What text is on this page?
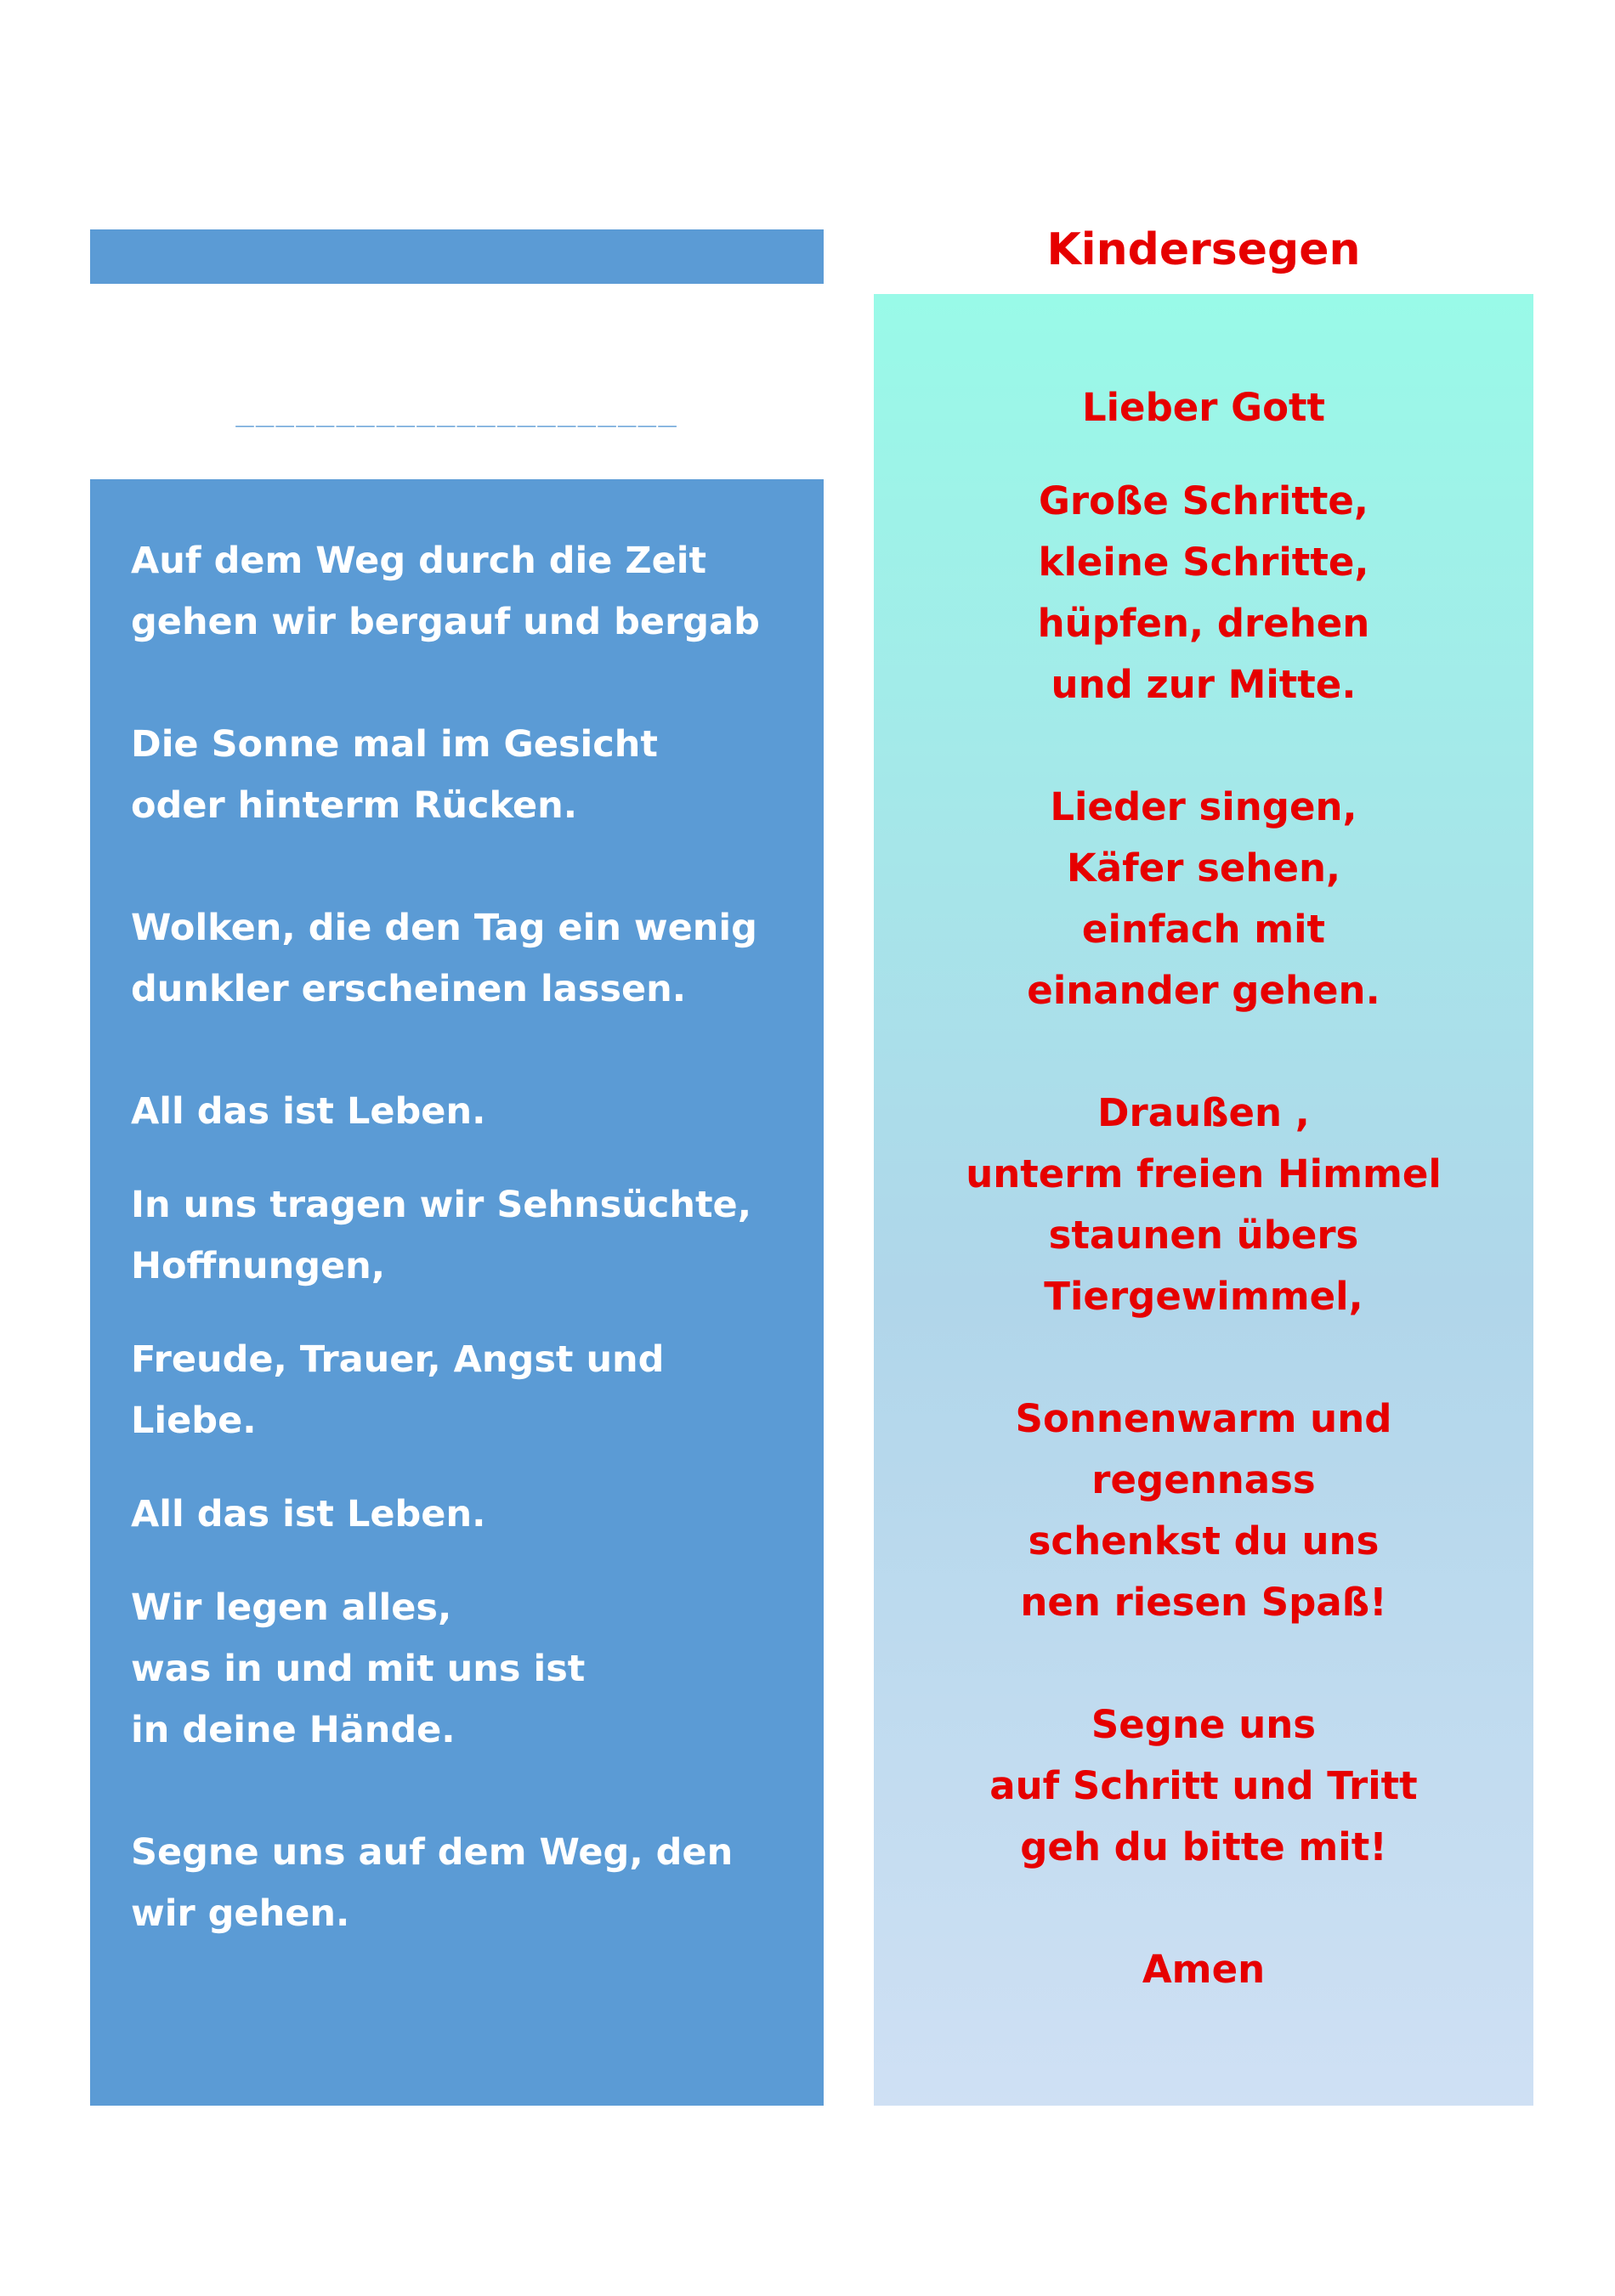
______________________
Auf dem Weg durch die Zeit
gehen wir bergauf und bergab
Die Sonne mal im Gesicht
oder hinterm Rücken.
Wolken, die den Tag ein wenig
dunkler erscheinen lassen.
All das ist Leben.
In uns tragen wir Sehnsüchte,
Hoffnungen,
Freude, Trauer, Angst und
Liebe.
All das ist Leben.
Wir legen alles,
was in und mit uns ist
in deine Hände.
Segne uns auf dem Weg, den
wir gehen.
Kindersegen
Lieber Gott
Große Schritte,
kleine Schritte,
hüpfen, drehen
und zur Mitte.
Lieder singen,
Käfer sehen,
einfach mit
einander gehen.
Draußen ,
unterm freien Himmel
staunen übers
Tiergewimmel,
Sonnenwarm und
regennass
schenkst du uns
nen riesen Spaß!
Segne uns
auf Schritt und Tritt
geh du bitte mit!
Amen
